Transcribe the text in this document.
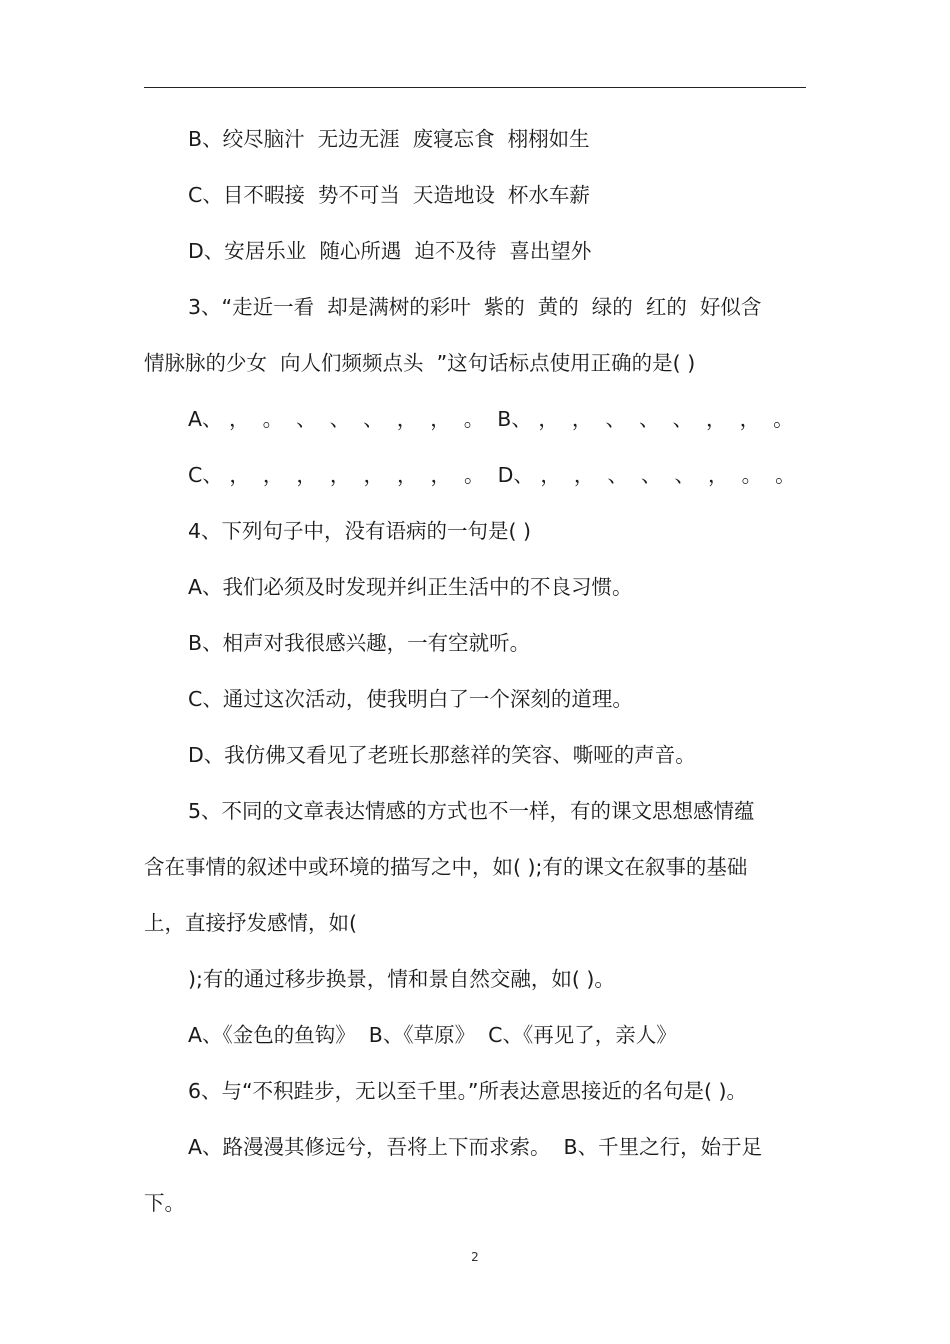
B、绞尽脑汁  无边无涯  废寝忘食  栩栩如生
C、目不暇接  势不可当  天造地设  杯水车薪
D、安居乐业  随心所遇  迫不及待  喜出望外
3、“走近一看  却是满树的彩叶  紫的  黄的  绿的  红的  好似含
情脉脉的少女  向人们频频点头  ”这句话标点使用正确的是( )
A、 ，  。  、  、  、  ，  ，  。  B、 ，  ，  、  、  、  ，  ，  。
C、 ，  ，  ，  ，  ，  ，  ，  。  D、 ，  ，  、  、  、  ，  。  。
4、下列句子中，没有语病的一句是( )
A、我们必须及时发现并纠正生活中的不良习惯。
B、相声对我很感兴趣，一有空就听。
C、通过这次活动，使我明白了一个深刻的道理。
D、我仿佛又看见了老班长那慈祥的笑容、嘶哑的声音。
5、不同的文章表达情感的方式也不一样，有的课文思想感情蕴
含在事情的叙述中或环境的描写之中，如( );有的课文在叙事的基础
上，直接抒发感情，如(
);有的通过移步换景，情和景自然交融，如( )。
A、《金色的鱼钩》  B、《草原》  C、《再见了，亲人》
6、与“不积跬步，无以至千里。”所表达意思接近的名句是( )。
A、路漫漫其修远兮，吾将上下而求索。  B、千里之行，始于足
下。
2
